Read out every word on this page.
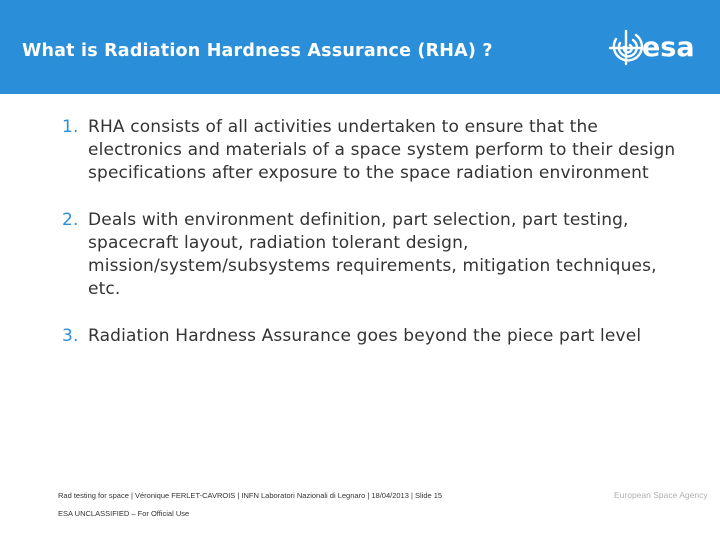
What is Radiation Hardness Assurance (RHA) ?	esa
1. RHA consists of all activities undertaken to ensure that the electronics and materials of a space system perform to their design specifications after exposure to the space radiation environment
2. Deals with environment definition, part selection, part testing, spacecraft layout, radiation tolerant design, mission/system/subsystems requirements, mitigation techniques, etc.
3. Radiation Hardness Assurance goes beyond the piece part level
Rad testing for space | Véronique FERLET-CAVROIS | INFN Laboratori Nazionali di Legnaro | 18/04/2013 | Slide 15	European Space Agency
ESA UNCLASSIFIED – For Official Use
